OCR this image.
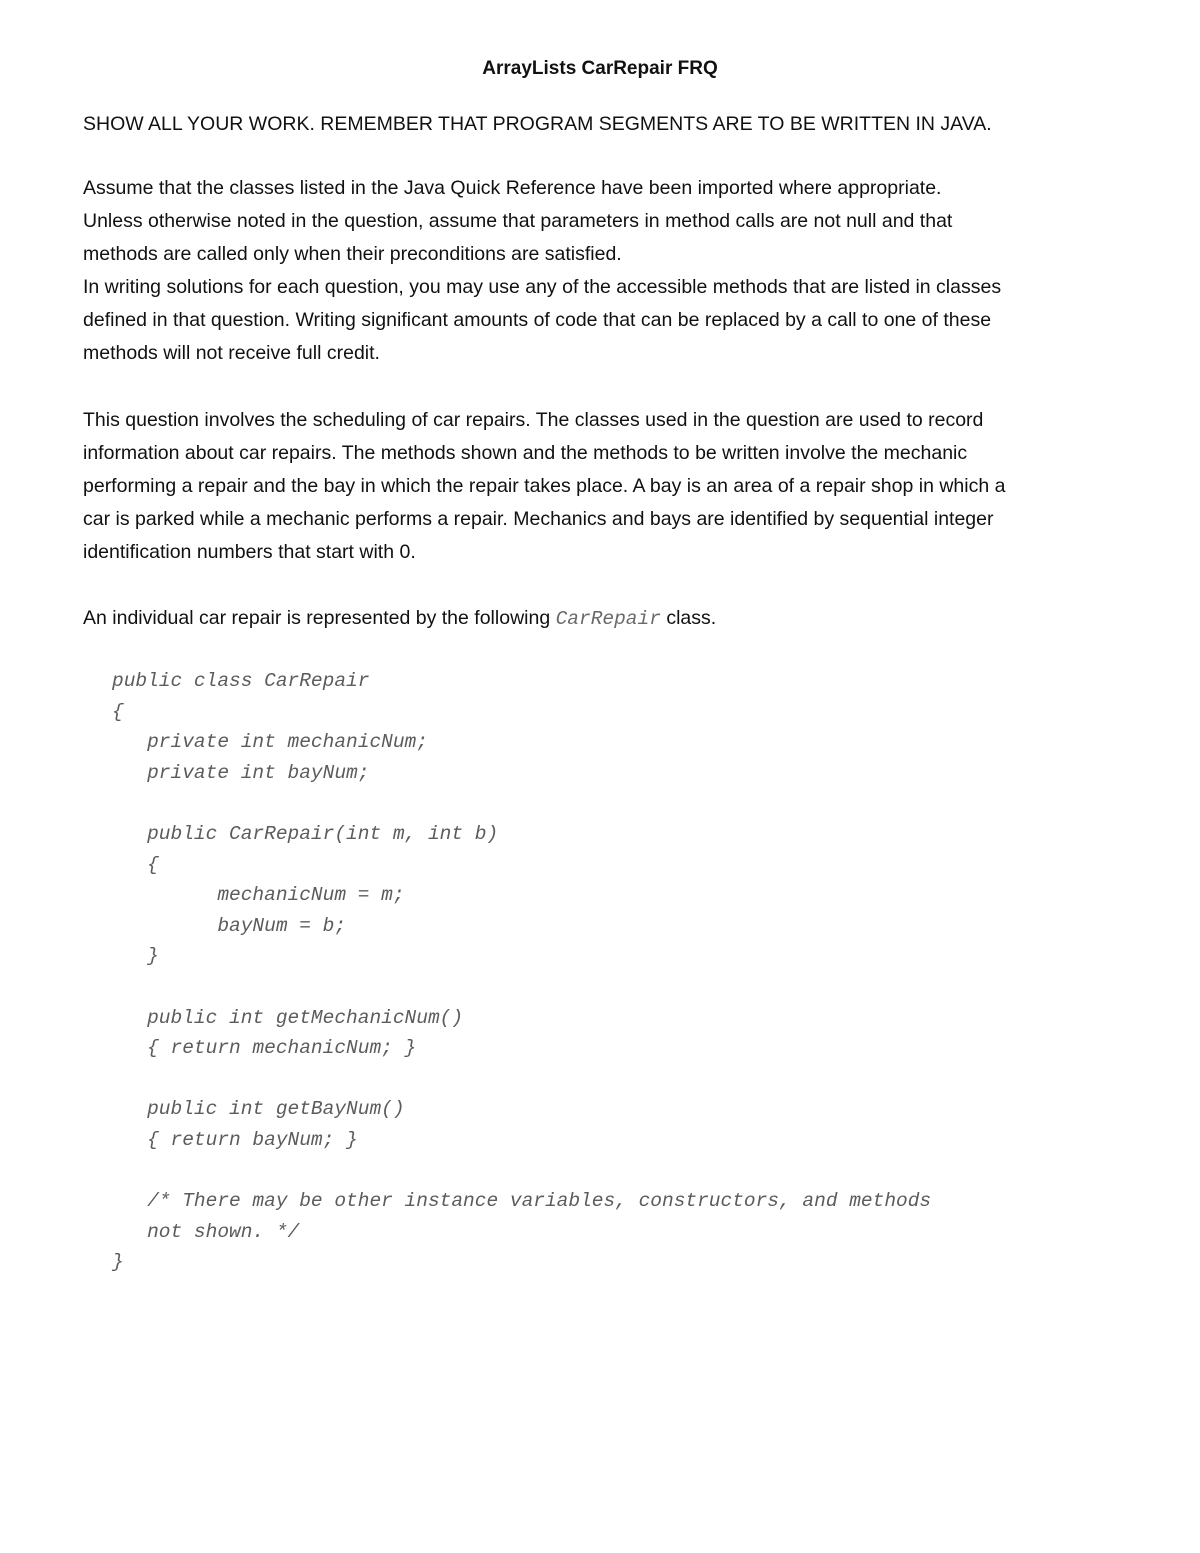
ArrayLists CarRepair FRQ

SHOW ALL YOUR WORK. REMEMBER THAT PROGRAM SEGMENTS ARE TO BE WRITTEN IN JAVA.

Assume that the classes listed in the Java Quick Reference have been imported where appropriate.
Unless otherwise noted in the question, assume that parameters in method calls are not null and that
methods are called only when their preconditions are satisfied.
In writing solutions for each question, you may use any of the accessible methods that are listed in classes
defined in that question. Writing significant amounts of code that can be replaced by a call to one of these
methods will not receive full credit.

This question involves the scheduling of car repairs. The classes used in the question are used to record
information about car repairs. The methods shown and the methods to be written involve the mechanic
performing a repair and the bay in which the repair takes place. A bay is an area of a repair shop in which a
car is parked while a mechanic performs a repair. Mechanics and bays are identified by sequential integer
identification numbers that start with 0.

An individual car repair is represented by the following CarRepair class.

public class CarRepair
{
private int mechanicNum;
private int bayNum;
public CarRepair(int m, int b)
{
mechanicNum = m;
bayNum = b;
}
public int getMechanicNum()
{ return mechanicNum; }
public int getBayNum()
{ return bayNum; }
/* There may be other instance variables, constructors, and methods
not shown. */
}
